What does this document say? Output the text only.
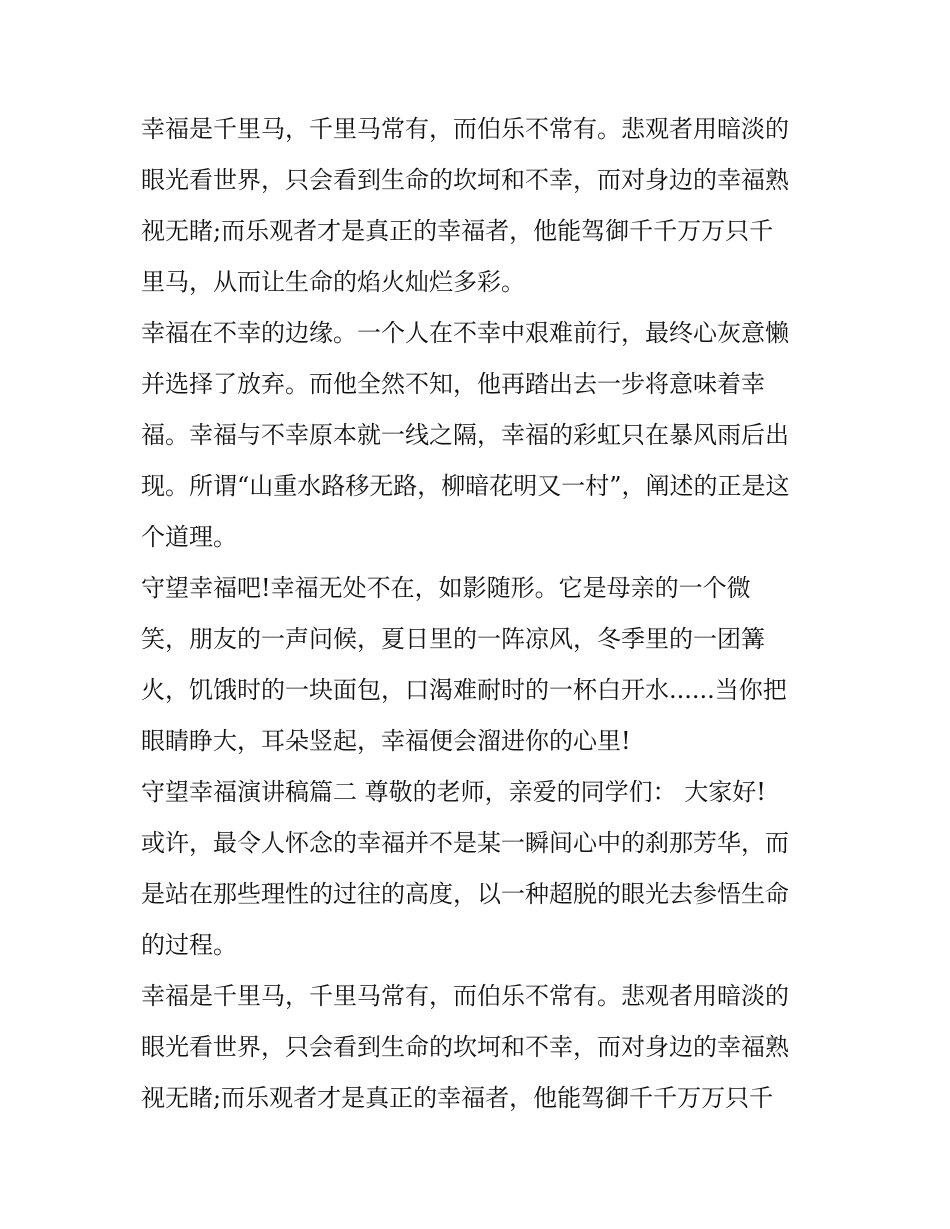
幸福是千里马，千里马常有，而伯乐不常有。悲观者用暗淡的
眼光看世界，只会看到生命的坎坷和不幸，而对身边的幸福熟
视无睹;而乐观者才是真正的幸福者，他能驾御千千万万只千
里马，从而让生命的焰火灿烂多彩。
幸福在不幸的边缘。一个人在不幸中艰难前行，最终心灰意懒
并选择了放弃。而他全然不知，他再踏出去一步将意味着幸
福。幸福与不幸原本就一线之隔，幸福的彩虹只在暴风雨后出
现。所谓“山重水路移无路，柳暗花明又一村”，阐述的正是这
个道理。
守望幸福吧!幸福无处不在，如影随形。它是母亲的一个微
笑，朋友的一声问候，夏日里的一阵凉风，冬季里的一团篝
火，饥饿时的一块面包，口渴难耐时的一杯白开水......当你把
眼睛睁大，耳朵竖起，幸福便会溜进你的心里!
守望幸福演讲稿篇二 尊敬的老师，亲爱的同学们： 大家好!
或许，最令人怀念的幸福并不是某一瞬间心中的刹那芳华，而
是站在那些理性的过往的高度，以一种超脱的眼光去参悟生命
的过程。
幸福是千里马，千里马常有，而伯乐不常有。悲观者用暗淡的
眼光看世界，只会看到生命的坎坷和不幸，而对身边的幸福熟
视无睹;而乐观者才是真正的幸福者，他能驾御千千万万只千
